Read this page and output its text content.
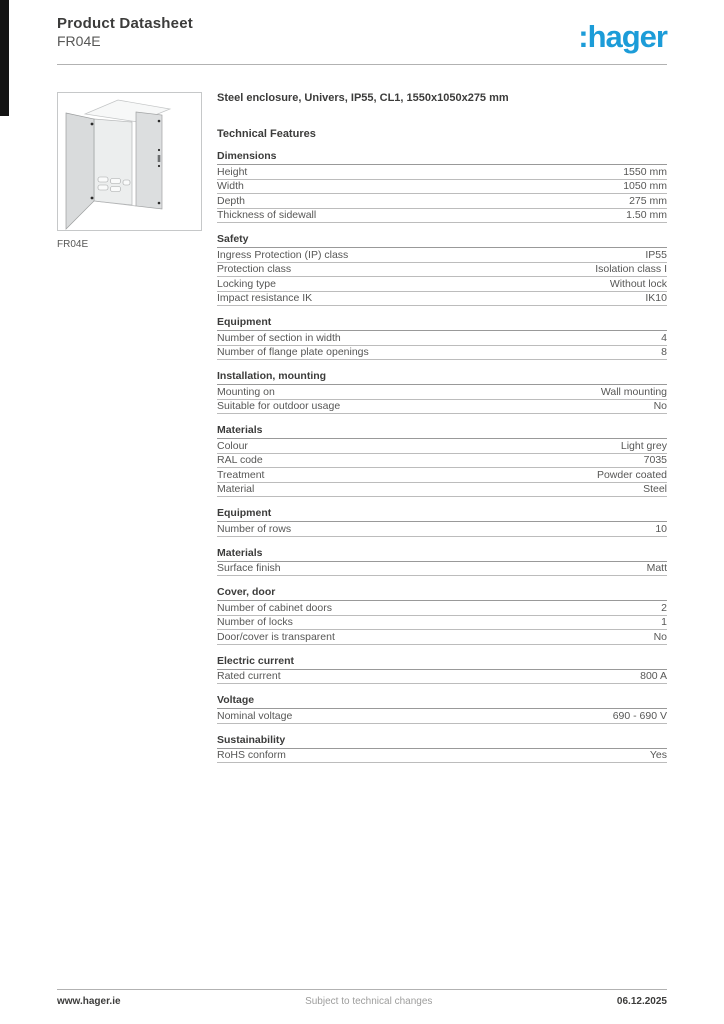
Product Datasheet
FR04E	:hager
FR04E
Steel enclosure, Univers, IP55, CL1, 1550x1050x275 mm
Technical Features
Dimensions
Height	1550 mm
Width	1050 mm
Depth	275 mm
Thickness of sidewall	1.50 mm
Safety
Ingress Protection (IP) class	IP55
Protection class	Isolation class I
Locking type	Without lock
Impact resistance IK	IK10
Equipment
Number of section in width	4
Number of flange plate openings	8
Installation, mounting
Mounting on	Wall mounting
Suitable for outdoor usage	No
Materials
Colour	Light grey
RAL code	7035
Treatment	Powder coated
Material	Steel
Equipment
Number of rows	10
Materials
Surface finish	Matt
Cover, door
Number of cabinet doors	2
Number of locks	1
Door/cover is transparent	No
Electric current
Rated current	800 A
Voltage
Nominal voltage	690 - 690 V
Sustainability
RoHS conform	Yes
www.hager.ie	Subject to technical changes	06.12.2025
